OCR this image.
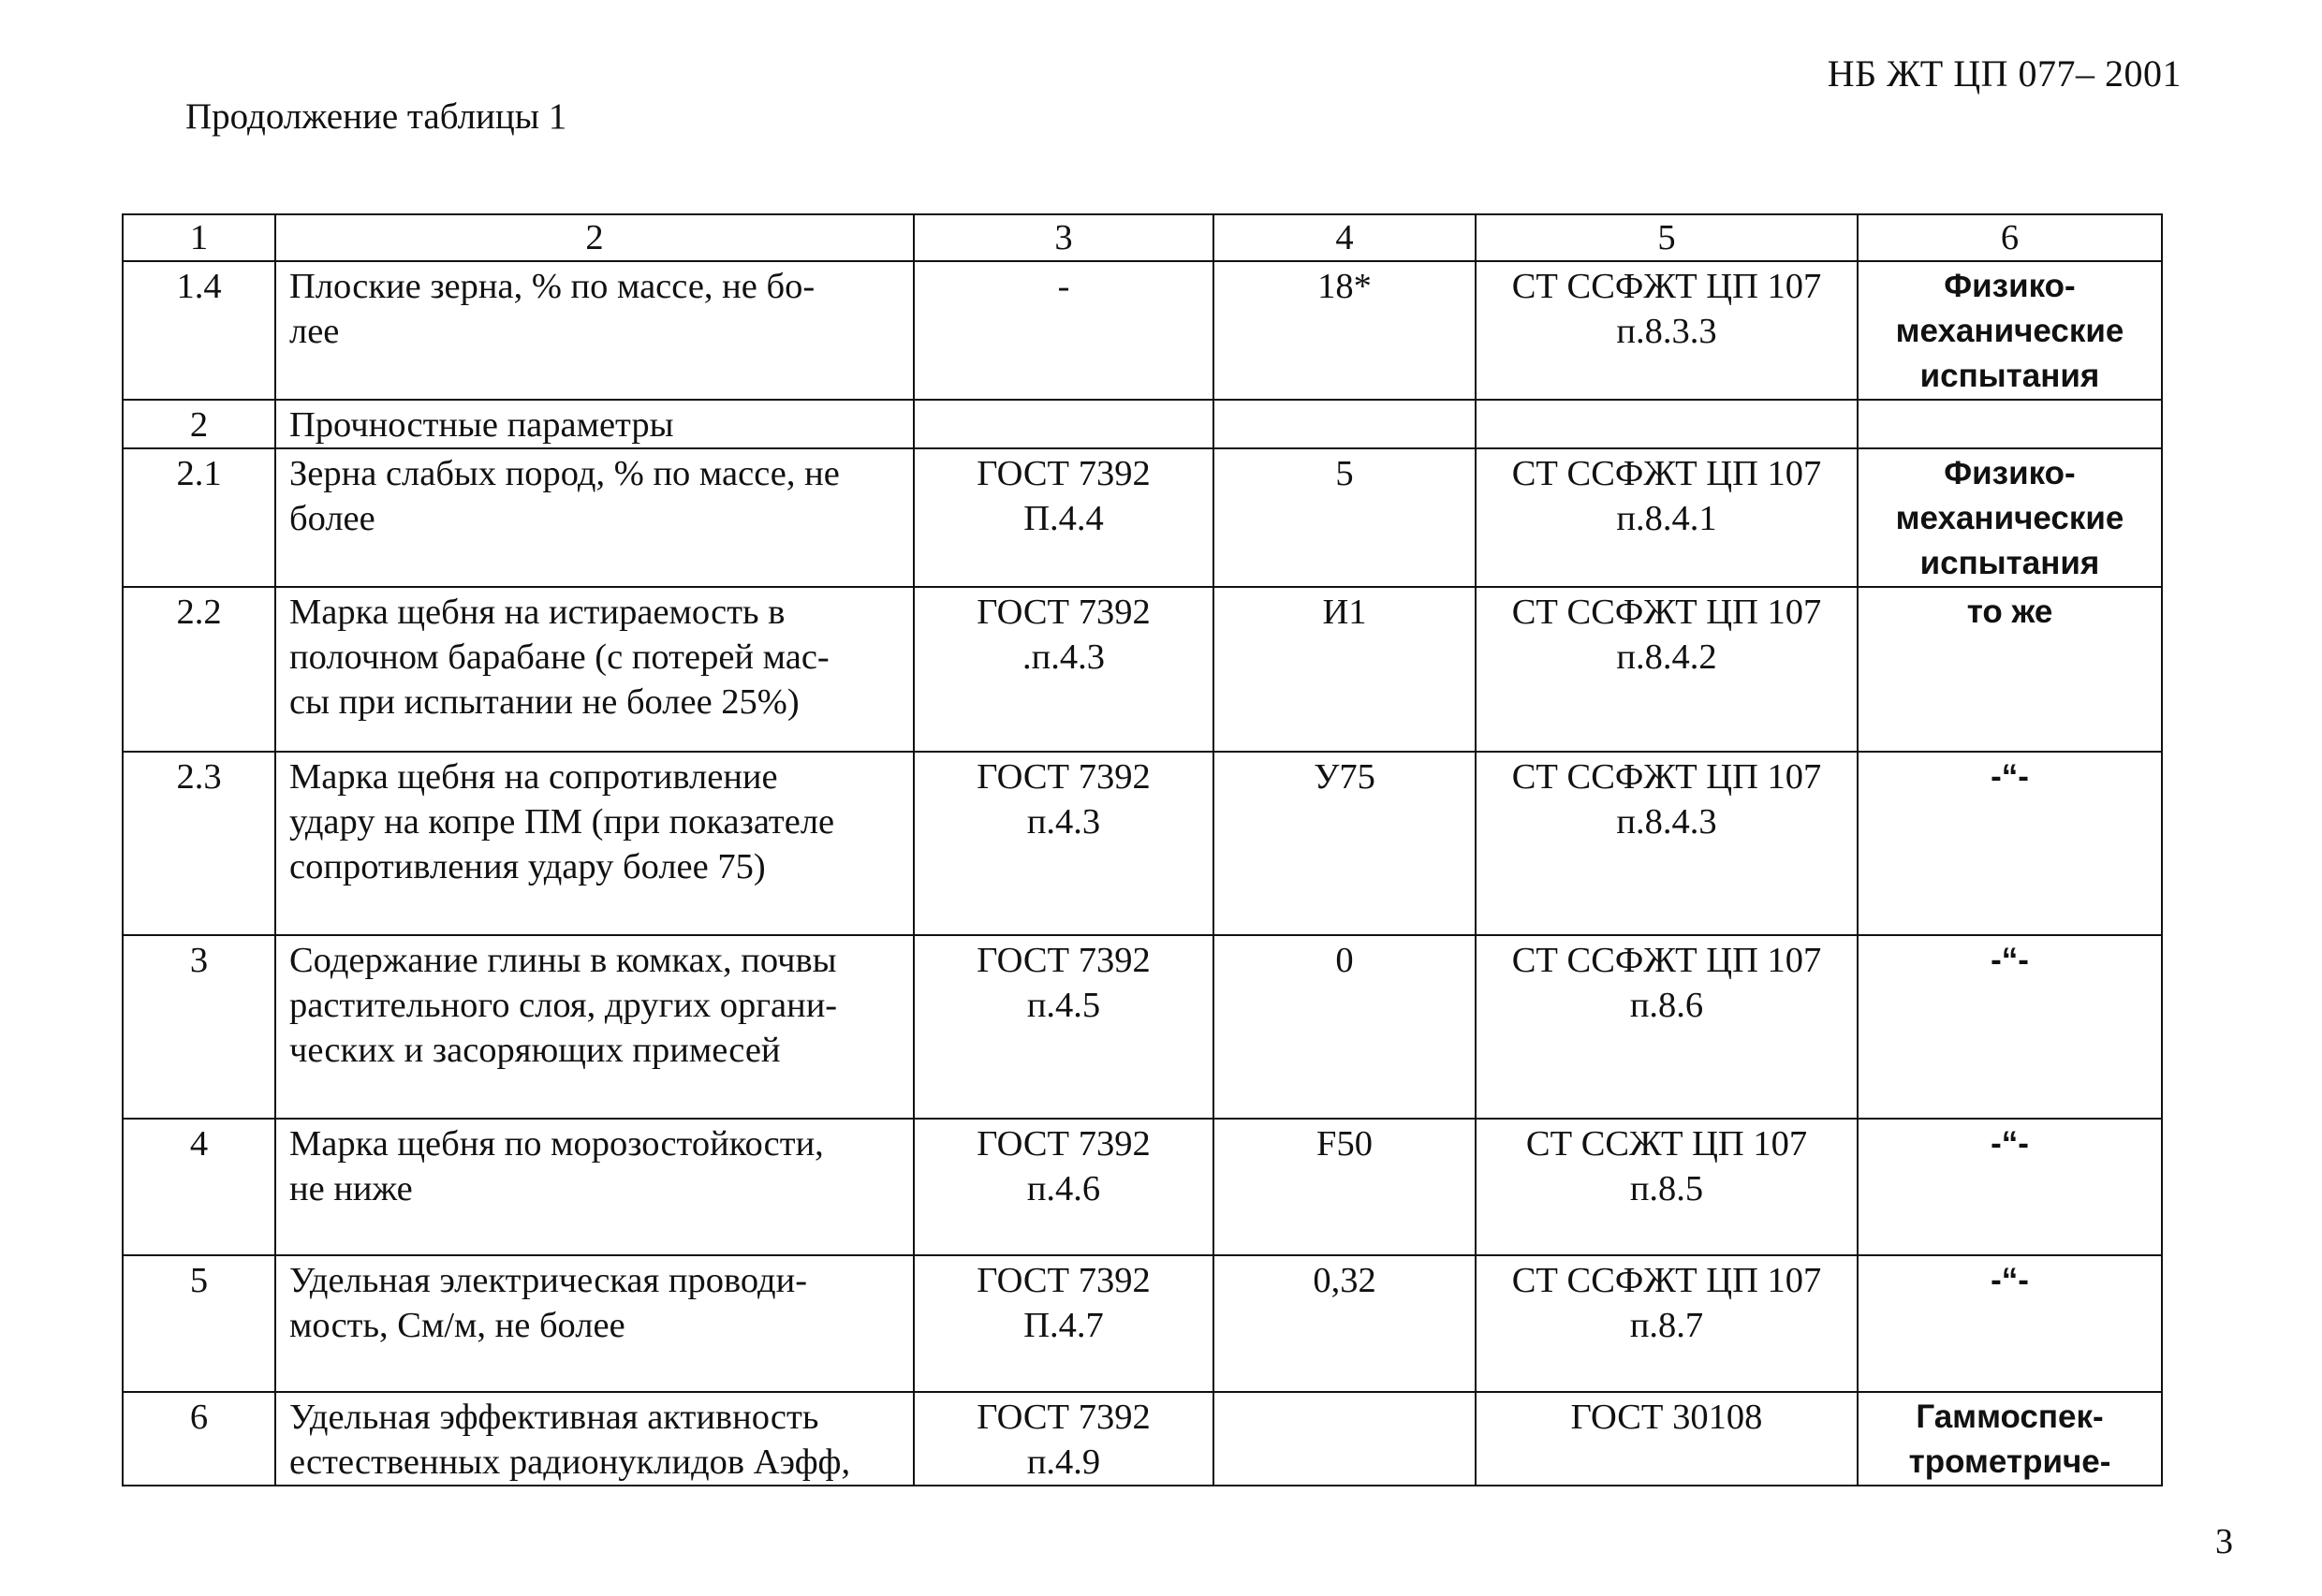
НБ ЖТ ЦП 077– 2001
Продолжение таблицы 1
1	2	3	4	5	6
1.4	Плоские зерна, % по массе, не бо-
лее	-	18*	СТ ССФЖТ ЦП 107
п.8.3.3	Физико-
механические
испытания

2	Прочностные параметры				

2.1	Зерна слабых пород, % по массе, не
более	ГОСТ 7392
П.4.4	5	СТ ССФЖТ ЦП 107
п.8.4.1	Физико-
механические
испытания

2.2	Марка щебня на истираемость в
полочном барабане (с потерей мас-
сы при испытании не более 25%)	ГОСТ 7392
.п.4.3	И1	СТ ССФЖТ ЦП 107
п.8.4.2	то же

2.3	Марка щебня на сопротивление
удару на копре ПМ (при показателе
сопротивления удару более 75)	ГОСТ 7392
п.4.3	У75	СТ ССФЖТ ЦП 107
п.8.4.3	-“-

3	Содержание глины в комках, почвы
растительного слоя, других органи-
ческих и засоряющих примесей	ГОСТ 7392
п.4.5	0	СТ ССФЖТ ЦП 107
п.8.6	-“-

4	Марка щебня по морозостойкости,
не ниже	ГОСТ 7392
п.4.6	F50	СТ ССЖТ ЦП 107
п.8.5	-“-

5	Удельная электрическая проводи-
мость, См/м, не более	ГОСТ 7392
П.4.7	0,32	СТ ССФЖТ ЦП 107
п.8.7	-“-

6	Удельная эффективная активность
естественных радионуклидов Аэфф,	ГОСТ 7392
п.4.9		ГОСТ 30108	Гаммоспек-
трометриче-
3
